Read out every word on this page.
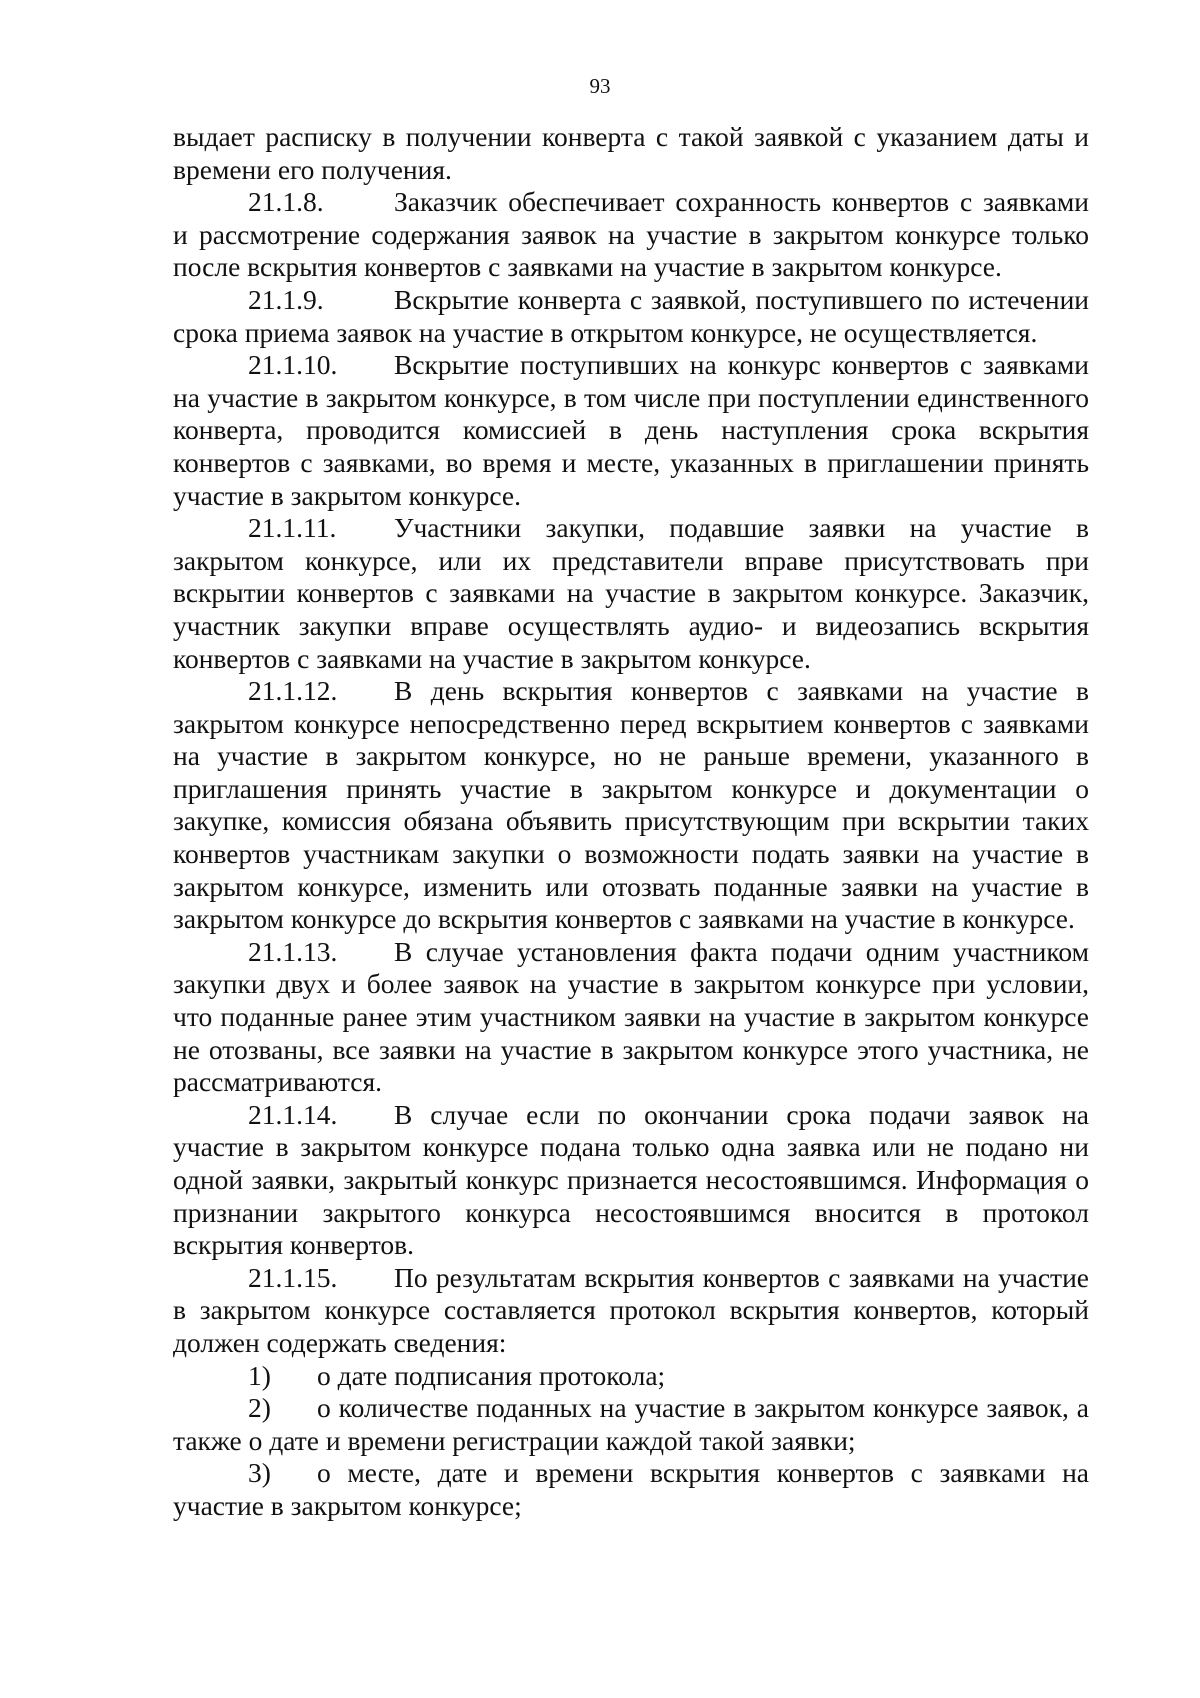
93

выдает расписку в получении конверта с такой заявкой с указанием даты и времени его получения.

21.1.8.	Заказчик обеспечивает сохранность конвертов с заявками и рассмотрение содержания заявок на участие в закрытом конкурсе только после вскрытия конвертов с заявками на участие в закрытом конкурсе.

21.1.9.	Вскрытие конверта с заявкой, поступившего по истечении срока приема заявок на участие в открытом конкурсе, не осуществляется.

21.1.10. Вскрытие поступивших на конкурс конвертов с заявками на участие в закрытом конкурсе, в том числе при поступлении единственного конверта, проводится комиссией в день наступления срока вскрытия конвертов с заявками, во время и месте, указанных в приглашении принять участие в закрытом конкурсе.

21.1.11. Участники закупки, подавшие заявки на участие в закрытом конкурсе, или их представители вправе присутствовать при вскрытии конвертов с заявками на участие в закрытом конкурсе. Заказчик, участник закупки вправе осуществлять аудио- и видеозапись вскрытия конвертов с заявками на участие в закрытом конкурсе.

21.1.12. В день вскрытия конвертов с заявками на участие в закрытом конкурсе непосредственно перед вскрытием конвертов с заявками на участие в закрытом конкурсе, но не раньше времени, указанного в приглашения принять участие в закрытом конкурсе и документации о закупке, комиссия обязана объявить присутствующим при вскрытии таких конвертов участникам закупки о возможности подать заявки на участие в закрытом конкурсе, изменить или отозвать поданные заявки на участие в закрытом конкурсе до вскрытия конвертов с заявками на участие в конкурсе.

21.1.13. В случае установления факта подачи одним участником закупки двух и более заявок на участие в закрытом конкурсе при условии, что поданные ранее этим участником заявки на участие в закрытом конкурсе не отозваны, все заявки на участие в закрытом конкурсе этого участника, не рассматриваются.

21.1.14. В случае если по окончании срока подачи заявок на участие в закрытом конкурсе подана только одна заявка или не подано ни одной заявки, закрытый конкурс признается несостоявшимся. Информация о признании закрытого конкурса несостоявшимся вносится в протокол вскрытия конвертов.

21.1.15. По результатам вскрытия конвертов с заявками на участие в закрытом конкурсе составляется протокол вскрытия конвертов, который должен содержать сведения:

1) о дате подписания протокола;

2) о количестве поданных на участие в закрытом конкурсе заявок, а также о дате и времени регистрации каждой такой заявки;

3) о месте, дате и времени вскрытия конвертов с заявками на участие в закрытом конкурсе;
